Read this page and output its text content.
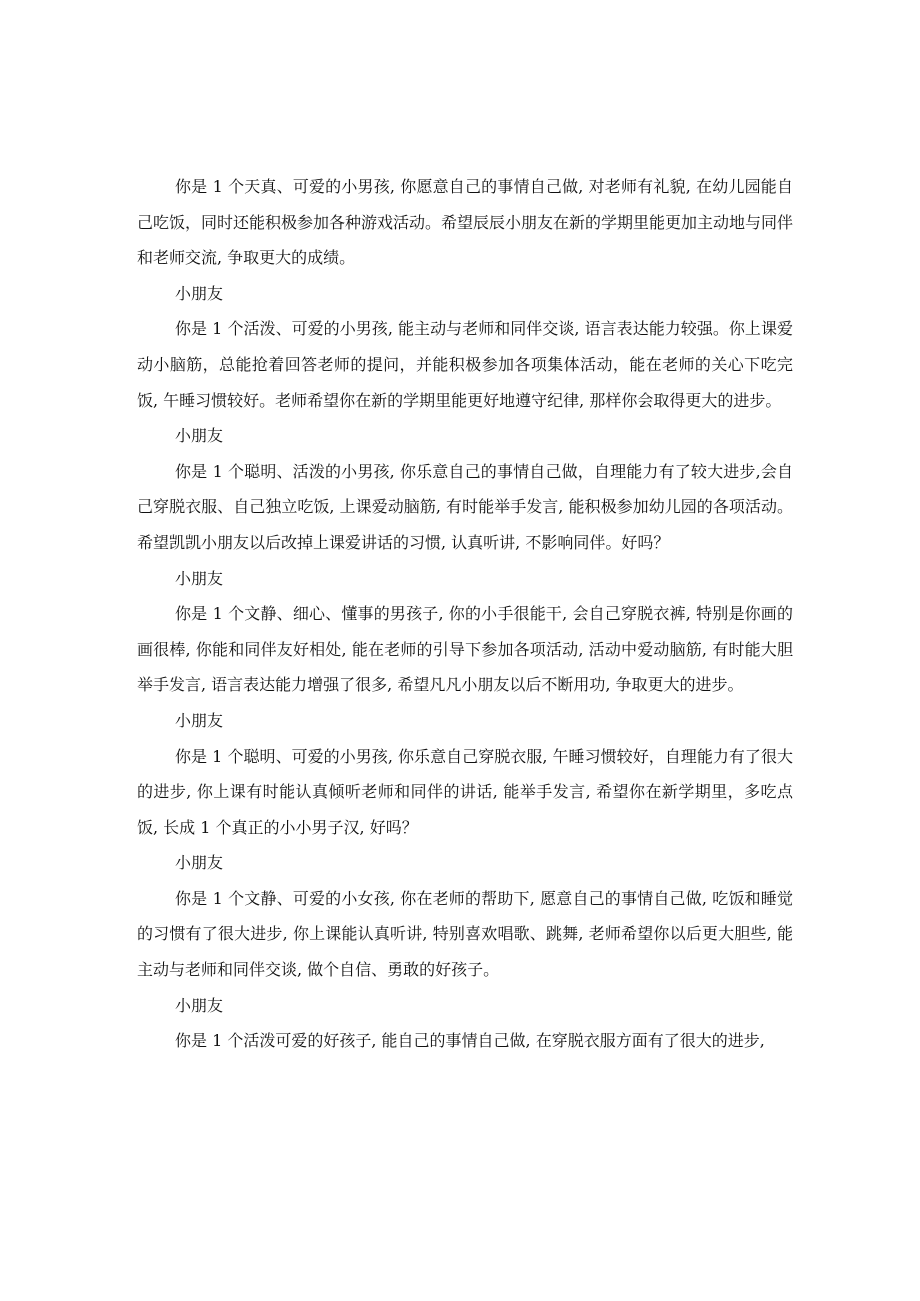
你是 1 个天真、可爱的小男孩, 你愿意自己的事情自己做, 对老师有礼貌, 在幼儿园能自己吃饭，同时还能积极参加各种游戏活动。希望辰辰小朋友在新的学期里能更加主动地与同伴和老师交流, 争取更大的成绩。

小朋友

你是 1 个活泼、可爱的小男孩, 能主动与老师和同伴交谈, 语言表达能力较强。你上课爱动小脑筋，总能抢着回答老师的提问，并能积极参加各项集体活动，能在老师的关心下吃完饭, 午睡习惯较好。老师希望你在新的学期里能更好地遵守纪律, 那样你会取得更大的进步。

小朋友

你是 1 个聪明、活泼的小男孩, 你乐意自己的事情自己做，自理能力有了较大进步,会自己穿脱衣服、自己独立吃饭, 上课爱动脑筋, 有时能举手发言, 能积极参加幼儿园的各项活动。希望凯凯小朋友以后改掉上课爱讲话的习惯, 认真听讲, 不影响同伴。好吗？

小朋友

你是 1 个文静、细心、懂事的男孩子, 你的小手很能干, 会自己穿脱衣裤, 特别是你画的画很棒, 你能和同伴友好相处, 能在老师的引导下参加各项活动, 活动中爱动脑筋, 有时能大胆举手发言, 语言表达能力增强了很多, 希望凡凡小朋友以后不断用功, 争取更大的进步。

小朋友

你是 1 个聪明、可爱的小男孩, 你乐意自己穿脱衣服, 午睡习惯较好，自理能力有了很大的进步, 你上课有时能认真倾听老师和同伴的讲话, 能举手发言, 希望你在新学期里，多吃点饭, 长成 1 个真正的小小男子汉, 好吗？

小朋友

你是 1 个文静、可爱的小女孩, 你在老师的帮助下, 愿意自己的事情自己做, 吃饭和睡觉的习惯有了很大进步, 你上课能认真听讲, 特别喜欢唱歌、跳舞, 老师希望你以后更大胆些, 能主动与老师和同伴交谈, 做个自信、勇敢的好孩子。

小朋友

你是 1 个活泼可爱的好孩子, 能自己的事情自己做, 在穿脱衣服方面有了很大的进步,
